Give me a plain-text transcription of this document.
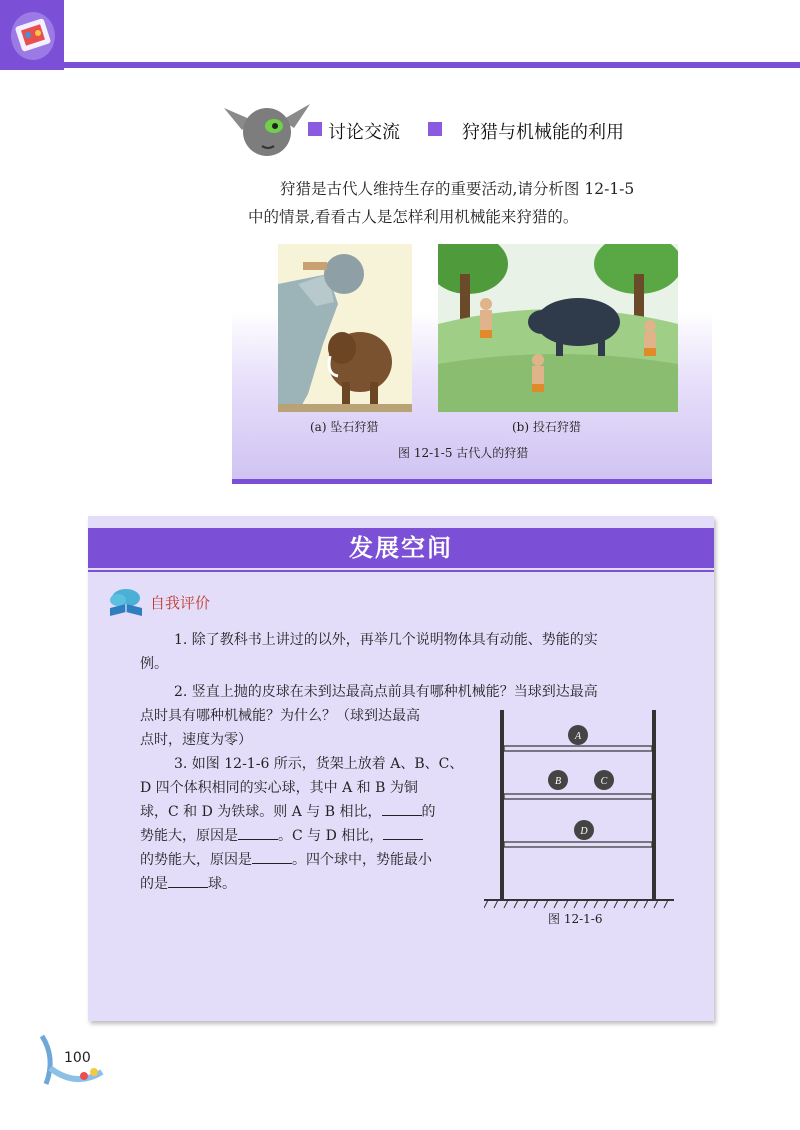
讨论交流	狩猎与机械能的利用
狩猎是古代人维持生存的重要活动,请分析图 12-1-5
中的情景,看看古人是怎样利用机械能来狩猎的。
(a) 坠石狩猎	(b) 投石狩猎
图 12-1-5 古代人的狩猎
发展空间
自我评价
1. 除了教科书上讲过的以外，再举几个说明物体具有动能、势能的实
例。
2. 竖直上抛的皮球在未到达最高点前具有哪种机械能？当球到达最高
点时具有哪种机械能？为什么？（球到达最高
点时，速度为零）
3. 如图 12-1-6 所示，货架上放着 A、B、C、
D 四个体积相同的实心球，其中 A 和 B 为铜
球，C 和 D 为铁球。则 A 与 B 相比，	的
势能大，原因是	。C 与 D 相比，
的势能大，原因是	。四个球中，势能最小
的是	球。
A
B	C
D
图 12-1-6
100
